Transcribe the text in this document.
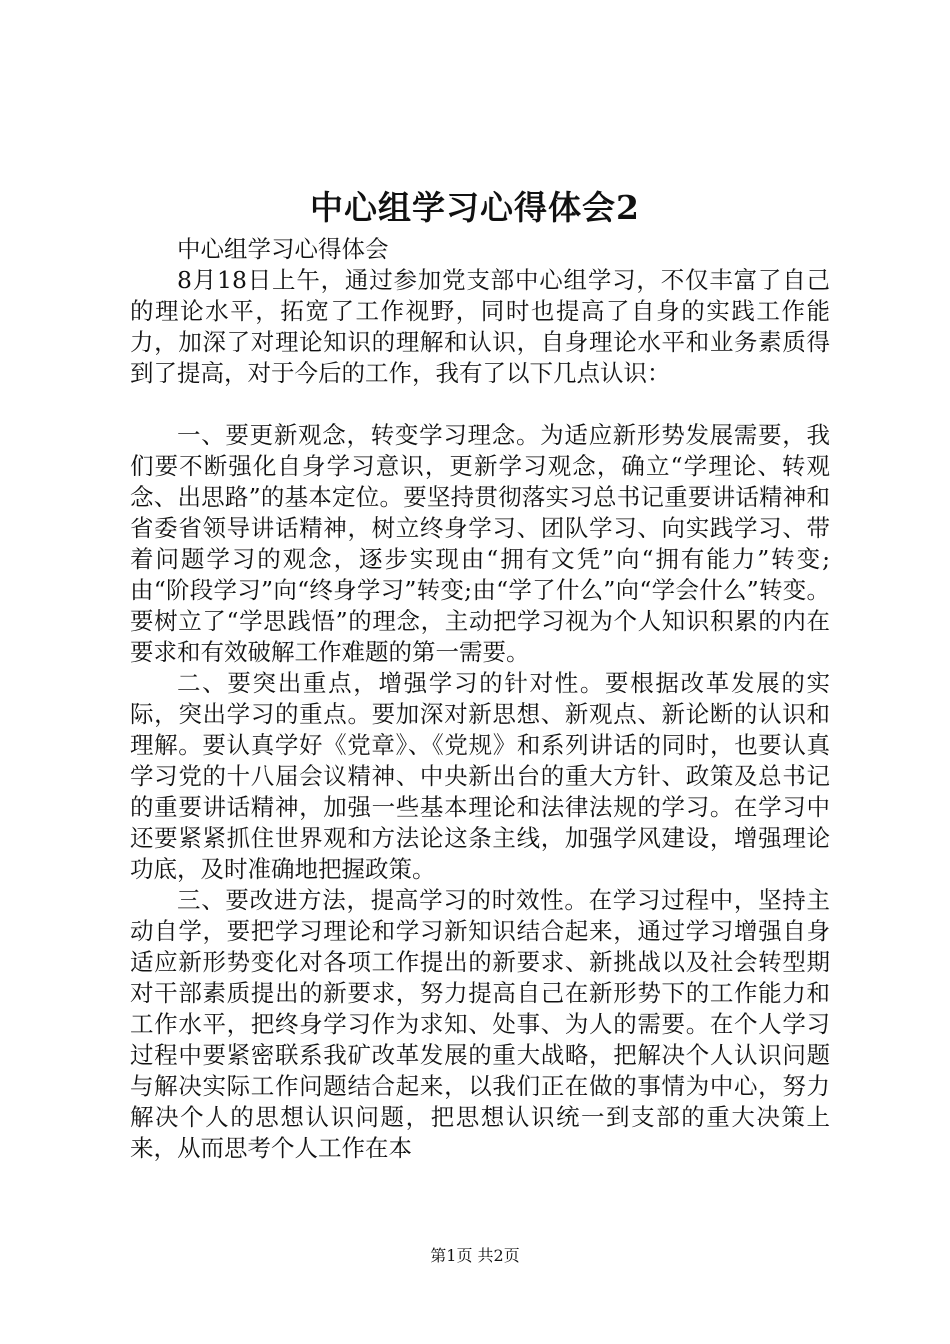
中心组学习心得体会2

中心组学习心得体会

8月18日上午，通过参加党支部中心组学习，不仅丰富了自己的理论水平，拓宽了工作视野，同时也提高了自身的实践工作能力，加深了对理论知识的理解和认识，自身理论水平和业务素质得到了提高，对于今后的工作，我有了以下几点认识：

一、要更新观念，转变学习理念。为适应新形势发展需要，我们要不断强化自身学习意识，更新学习观念，确立“学理论、转观念、出思路”的基本定位。要坚持贯彻落实习总书记重要讲话精神和省委省领导讲话精神，树立终身学习、团队学习、向实践学习、带着问题学习的观念，逐步实现由“拥有文凭”向“拥有能力”转变;由“阶段学习”向“终身学习”转变;由“学了什么”向“学会什么”转变。要树立了“学思践悟”的理念，主动把学习视为个人知识积累的内在要求和有效破解工作难题的第一需要。

二、要突出重点，增强学习的针对性。要根据改革发展的实际，突出学习的重点。要加深对新思想、新观点、新论断的认识和理解。要认真学好《党章》、《党规》和系列讲话的同时，也要认真学习党的十八届会议精神、中央新出台的重大方针、政策及总书记的重要讲话精神，加强一些基本理论和法律法规的学习。在学习中还要紧紧抓住世界观和方法论这条主线，加强学风建设，增强理论功底，及时准确地把握政策。

三、要改进方法，提高学习的时效性。在学习过程中，坚持主动自学，要把学习理论和学习新知识结合起来，通过学习增强自身适应新形势变化对各项工作提出的新要求、新挑战以及社会转型期对干部素质提出的新要求，努力提高自己在新形势下的工作能力和工作水平，把终身学习作为求知、处事、为人的需要。在个人学习过程中要紧密联系我矿改革发展的重大战略，把解决个人认识问题与解决实际工作问题结合起来，以我们正在做的事情为中心，努力解决个人的思想认识问题，把思想认识统一到支部的重大决策上来，从而思考个人工作在本

第1页 共2页
